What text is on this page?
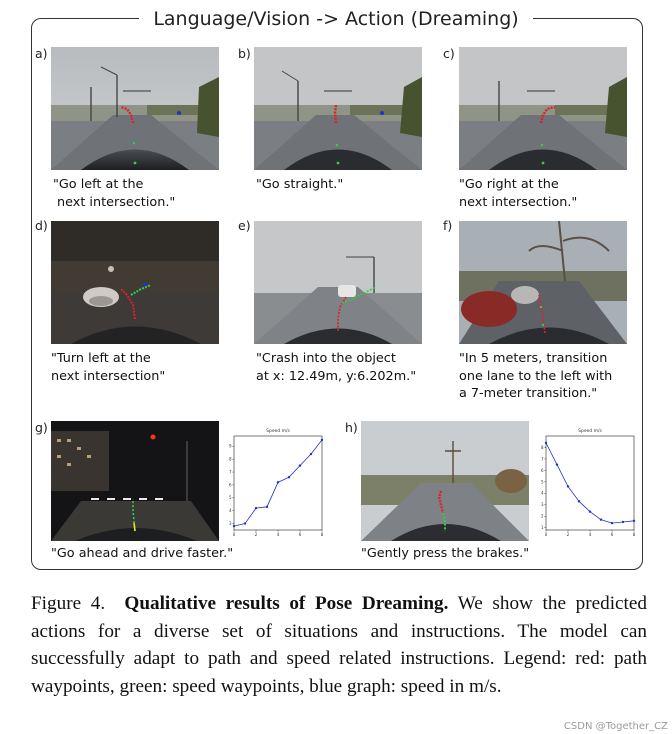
Language/Vision -> Action (Dreaming)
a)
"Go left at the
next intersection."
b)
"Go straight."
c)
"Go right at the
next intersection."
d)
"Turn left at the
next intersection"
e)
"Crash into the object
at x: 12.49m, y:6.202m."
f)
"In 5 meters, transition
one lane to the left with
a 7-meter transition."
g)	Speed m/s
0	2	4	6	8
3
4
5
6
7
8
9
"Go ahead and drive faster."
h)	Speed m/s
0	2	4	6	8
1
2
3
4
5
6
7
8
"Gently press the brakes."
Figure 4. Qualitative results of Pose Dreaming. We show the predicted actions for a diverse set of situations and instructions. The model can successfully adapt to path and speed related instructions. Legend: red: path waypoints, green: speed waypoints, blue graph: speed in m/s.
CSDN @Together_CZ
